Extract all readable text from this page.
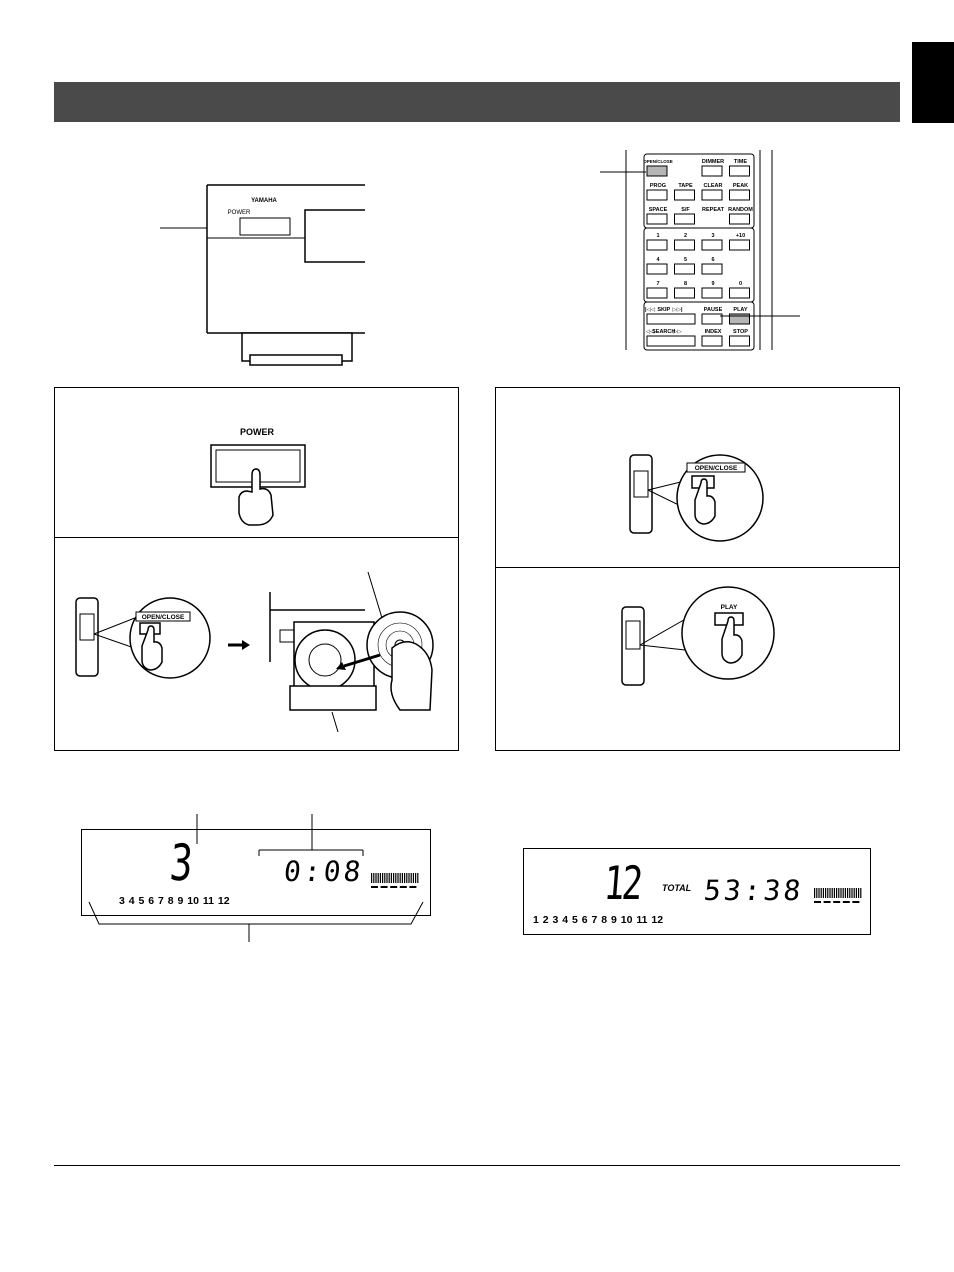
YAMAHA
POWER
OPEN/CLOSE	DIMMER TIME
PROG TAPE CLEAR PEAK
SPACE	S/F REPEAT RANDOM
1	2	3	+10
4	5	6
7	8	9	0
|◁◁ SKIP ▷▷|	PAUSE PLAY
◁◁
SEARCH
▷▷	INDEX STOP
POWER
OPEN/CLOSE
OPEN/CLOSE
PLAY
3	0:08
3 4 5 6 7 8 9 10 11 12	12 TOTAL 53:38
1 2 3 4 5 6 7 8 9 10 11 12
